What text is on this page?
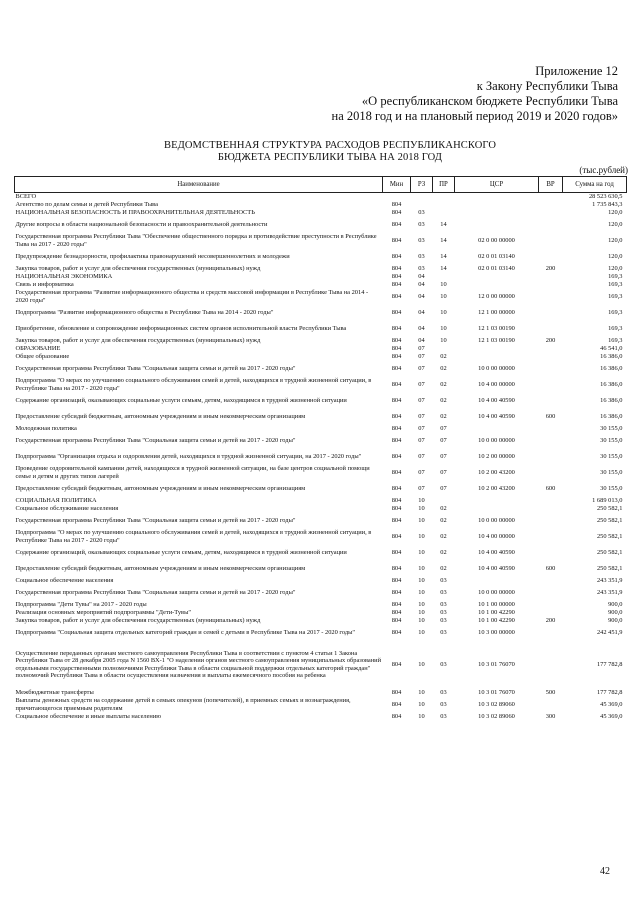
Приложение 12
к Закону Республики Тыва
«О республиканском бюджете Республики Тыва
на 2018 год и на плановый период 2019 и 2020 годов»
ВЕДОМСТВЕННАЯ СТРУКТУРА РАСХОДОВ РЕСПУБЛИКАНСКОГО
БЮДЖЕТА РЕСПУБЛИКИ ТЫВА НА 2018 ГОД
(тыс.рублей)
Наименование	Мин	РЗ	ПР	ЦСР	ВР	Сумма на год
ВСЕГО						28 523 630,5
Агентство по делам семьи и детей Республики Тыва	804					1 735 843,3
НАЦИОНАЛЬНАЯ БЕЗОПАСНОСТЬ И ПРАВООХРАНИТЕЛЬНАЯ ДЕЯТЕЛЬНОСТЬ	804	03				120,0
Другие вопросы в области национальной безопасности и правоохранительной деятельности	804	03	14			120,0
Государственная программа Республики Тыва "Обеспечение общественного порядка и противодействие преступности в Республике Тыва на 2017 - 2020 годы"	804	03	14	02 0 00 00000		120,0
Предупреждение безнадзорности, профилактика правонарушений несовершеннолетних и молодежи	804	03	14	02 0 01 03140		120,0
Закупка товаров, работ и услуг для обеспечения государственных (муниципальных) нужд	804	03	14	02 0 01 03140	200	120,0
НАЦИОНАЛЬНАЯ ЭКОНОМИКА	804	04				169,3
Связь и информатика	804	04	10			169,3
Государственная программа "Развитие информационного общества и средств массовой информации в Республике Тыва на 2014 - 2020 годы"	804	04	10	12 0 00 00000		169,3
Подпрограмма "Развитие информационного общества в Республике Тыва на 2014 - 2020 годы"	804	04	10	12 1 00 00000		169,3
Приобретение, обновление и сопровождение информационных систем органов исполнительной власти Республики Тыва	804	04	10	12 1 03 00190		169,3
Закупка товаров, работ и услуг для обеспечения государственных (муниципальных) нужд	804	04	10	12 1 03 00190	200	169,3
ОБРАЗОВАНИЕ	804	07				46 541,0
Общее образование	804	07	02			16 386,0
Государственная программа Республики Тыва "Социальная защита семьи и детей на 2017 - 2020 годы"	804	07	02	10 0 00 00000		16 386,0
Подпрограмма "О мерах по улучшению социального обслуживания семей и детей, находящихся в трудной жизненной ситуации, в Республике Тыва на 2017 - 2020 годы"	804	07	02	10 4 00 00000		16 386,0
Содержание организаций, оказывающих социальные услуги семьям, детям, находящимся в трудной жизненной ситуации	804	07	02	10 4 00 40590		16 386,0
Предоставление субсидий бюджетным, автономным учреждениям и иным некоммерческим организациям	804	07	02	10 4 00 40590	600	16 386,0
Молодежная политика	804	07	07			30 155,0
Государственная программа Республики Тыва "Социальная защита семьи и детей на 2017 - 2020 годы"	804	07	07	10 0 00 00000		30 155,0
Подпрограмма "Организация отдыха и оздоровления детей, находящихся в трудной жизненной ситуации, на 2017 - 2020 годы"	804	07	07	10 2 00 00000		30 155,0
Проведение оздоровительной кампании детей, находящихся в трудной жизненной ситуации, на базе центров социальной помощи семье и детям и других типов лагерей	804	07	07	10 2 00 43200		30 155,0
Предоставление субсидий бюджетным, автономным учреждениям и иным некоммерческим организациям	804	07	07	10 2 00 43200	600	30 155,0
СОЦИАЛЬНАЯ ПОЛИТИКА	804	10				1 689 013,0
Социальное обслуживание населения	804	10	02			250 582,1
Государственная программа Республики Тыва "Социальная защита семьи и детей на 2017 - 2020 годы"	804	10	02	10 0 00 00000		250 582,1
Подпрограмма "О мерах по улучшению социального обслуживания семей и детей, находящихся в трудной жизненной ситуации, в Республике Тыва на 2017 - 2020 годы"	804	10	02	10 4 00 00000		250 582,1
Содержание организаций, оказывающих социальные услуги семьям, детям, находящимся в трудной жизненной ситуации	804	10	02	10 4 00 40590		250 582,1
Предоставление субсидий бюджетным, автономным учреждениям и иным некоммерческим организациям	804	10	02	10 4 00 40590	600	250 582,1
Социальное обеспечение населения	804	10	03			243 351,9
Государственная программа Республики Тыва "Социальная защита семьи и детей на 2017 - 2020 годы"	804	10	03	10 0 00 00000		243 351,9
Подпрограмма "Дети Тувы" на 2017 - 2020 годы	804	10	03	10 1 00 00000		900,0
Реализация основных мероприятий подпрограммы "Дети-Тувы"	804	10	03	10 1 00 42290		900,0
Закупка товаров, работ и услуг для обеспечения государственных (муниципальных) нужд	804	10	03	10 1 00 42290	200	900,0
Подпрограмма "Социальная защита отдельных категорий граждан и семей с детьми в Республике Тыва на 2017 - 2020 годы"	804	10	03	10 3 00 00000		242 451,9
Осуществление переданных органам местного самоуправления Республики Тыва в соответствии с пунктом 4 статьи 1 Закона Республики Тыва от 28 декабря 2005 года N 1560 ВХ-1 "О наделении органов местного самоуправления муниципальных образований отдельными государственными полномочиями Республики Тыва в области социальной поддержки отдельных категорий граждан" полномочий Республики Тыва в области осуществления назначения и выплаты ежемесячного пособия на ребенка	804	10	03	10 3 01 76070		177 782,8
Межбюджетные трансферты	804	10	03	10 3 01 76070	500	177 782,8
Выплаты денежных средств на содержание детей в семьях опекунов (попечителей), в приемных семьях и вознаграждения, причитающегося приемным родителям	804	10	03	10 3 02 89060		45 369,0
Социальное обеспечение и иные выплаты населению	804	10	03	10 3 02 89060	300	45 369,0
42
